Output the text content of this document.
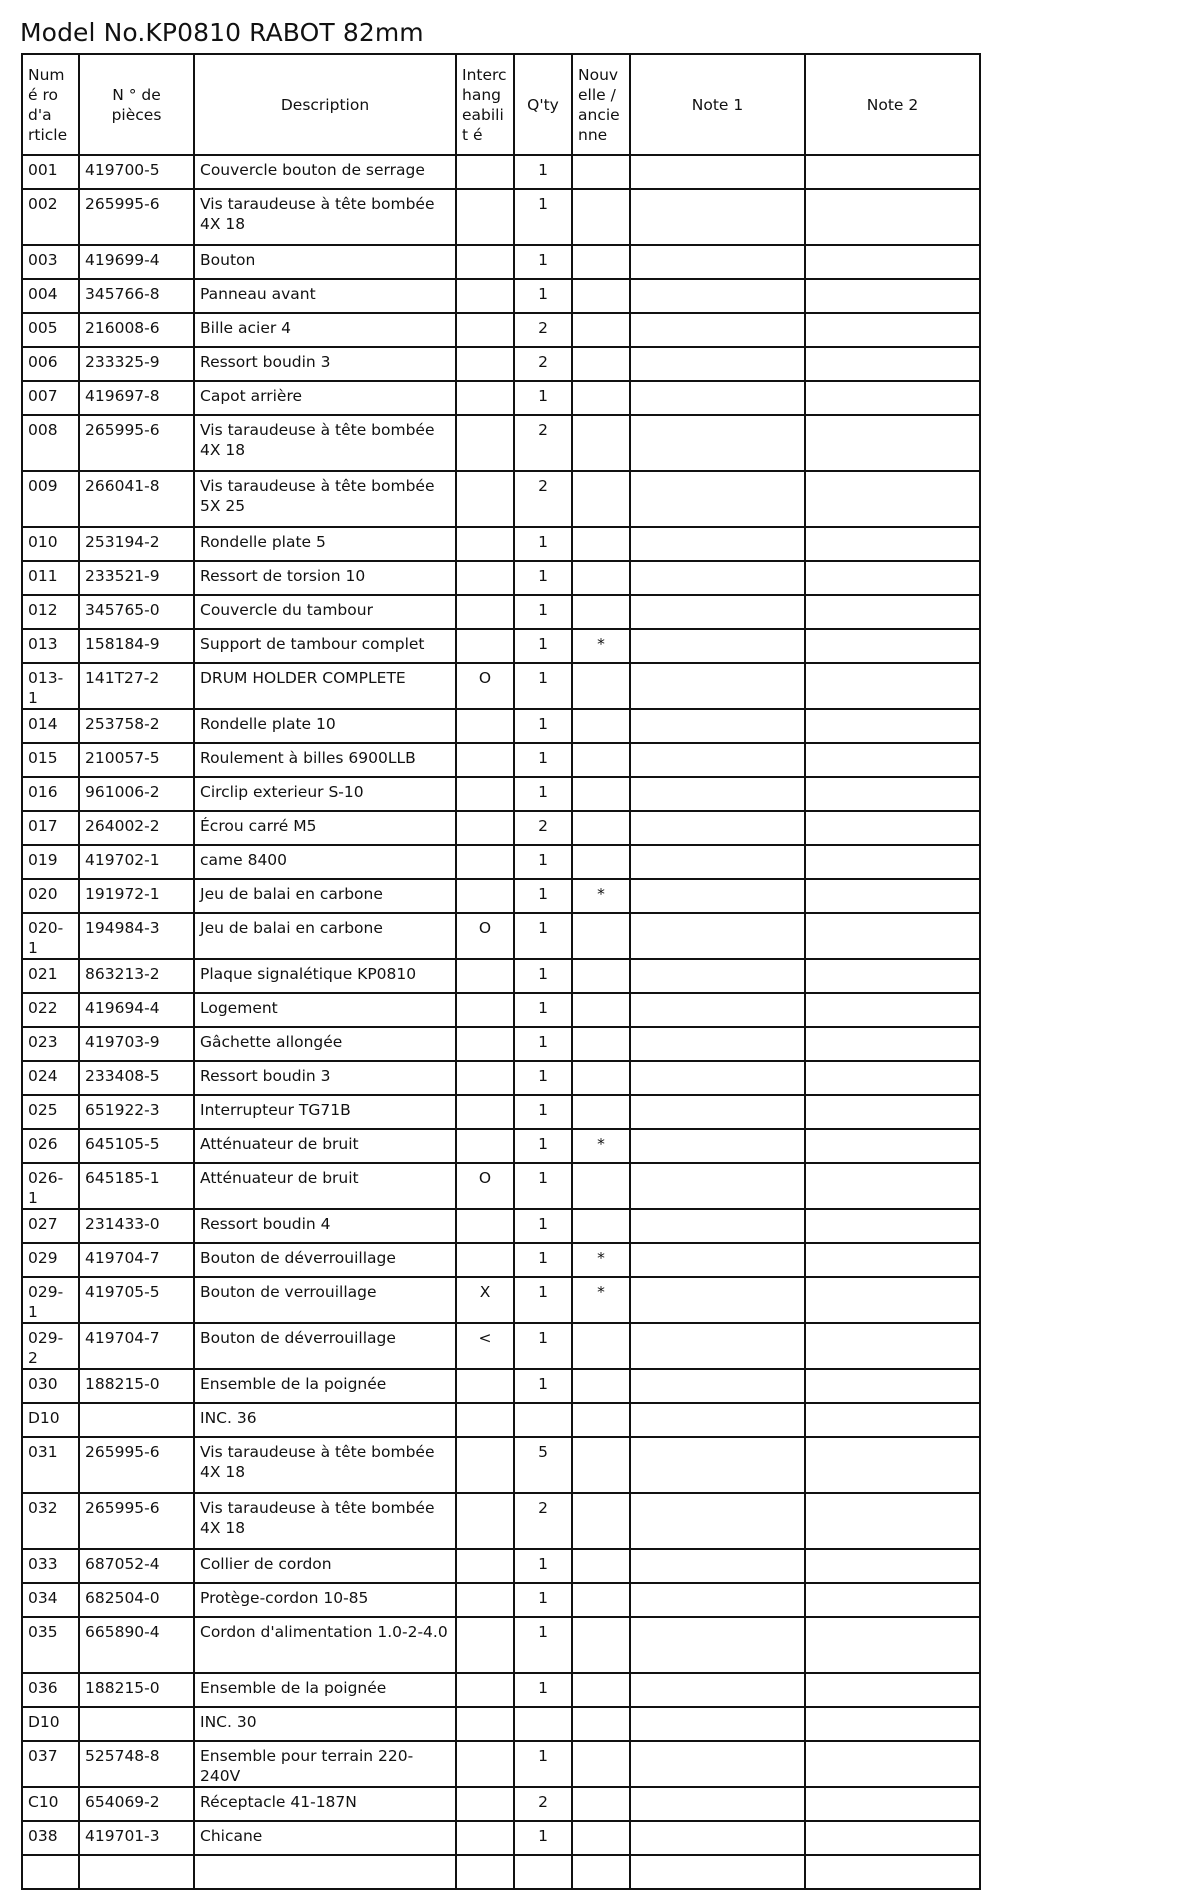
Model No.KP0810 RABOT 82mm
Numé ro d'a rticle	N ° de pièces	Description	Interc hang eabilit é	Q'ty	Nouv elle / ancie nne	Note 1	Note 2
001	419700-5	Couvercle bouton de serrage		1			
002	265995-6	Vis taraudeuse à tête bombée 4X 18		1			
003	419699-4	Bouton		1			
004	345766-8	Panneau avant		1			
005	216008-6	Bille acier 4		2			
006	233325-9	Ressort boudin 3		2			
007	419697-8	Capot arrière		1			
008	265995-6	Vis taraudeuse à tête bombée 4X 18		2			
009	266041-8	Vis taraudeuse à tête bombée 5X 25		2			
010	253194-2	Rondelle plate 5		1			
011	233521-9	Ressort de torsion 10		1			
012	345765-0	Couvercle du tambour		1			
013	158184-9	Support de tambour complet		1	*		
013-1	141T27-2	DRUM HOLDER COMPLETE	O	1			
014	253758-2	Rondelle plate 10		1			
015	210057-5	Roulement à billes 6900LLB		1			
016	961006-2	Circlip exterieur S-10		1			
017	264002-2	Écrou carré M5		2			
019	419702-1	came 8400		1			
020	191972-1	Jeu de balai en carbone		1	*		
020-1	194984-3	Jeu de balai en carbone	O	1			
021	863213-2	Plaque signalétique KP0810		1			
022	419694-4	Logement		1			
023	419703-9	Gâchette allongée		1			
024	233408-5	Ressort boudin 3		1			
025	651922-3	Interrupteur TG71B		1			
026	645105-5	Atténuateur de bruit		1	*		
026-1	645185-1	Atténuateur de bruit	O	1			
027	231433-0	Ressort boudin 4		1			
029	419704-7	Bouton de déverrouillage		1	*		
029-1	419705-5	Bouton de verrouillage	X	1	*		
029-2	419704-7	Bouton de déverrouillage	<	1			
030	188215-0	Ensemble de la poignée		1			
D10		INC. 36					
031	265995-6	Vis taraudeuse à tête bombée 4X 18		5			
032	265995-6	Vis taraudeuse à tête bombée 4X 18		2			
033	687052-4	Collier de cordon		1			
034	682504-0	Protège-cordon 10-85		1			
035	665890-4	Cordon d'alimentation 1.0-2-4.0		1			
036	188215-0	Ensemble de la poignée		1			
D10		INC. 30					
037	525748-8	Ensemble pour terrain 220-240V		1			
C10	654069-2	Réceptacle 41-187N		2			
038	419701-3	Chicane		1			
